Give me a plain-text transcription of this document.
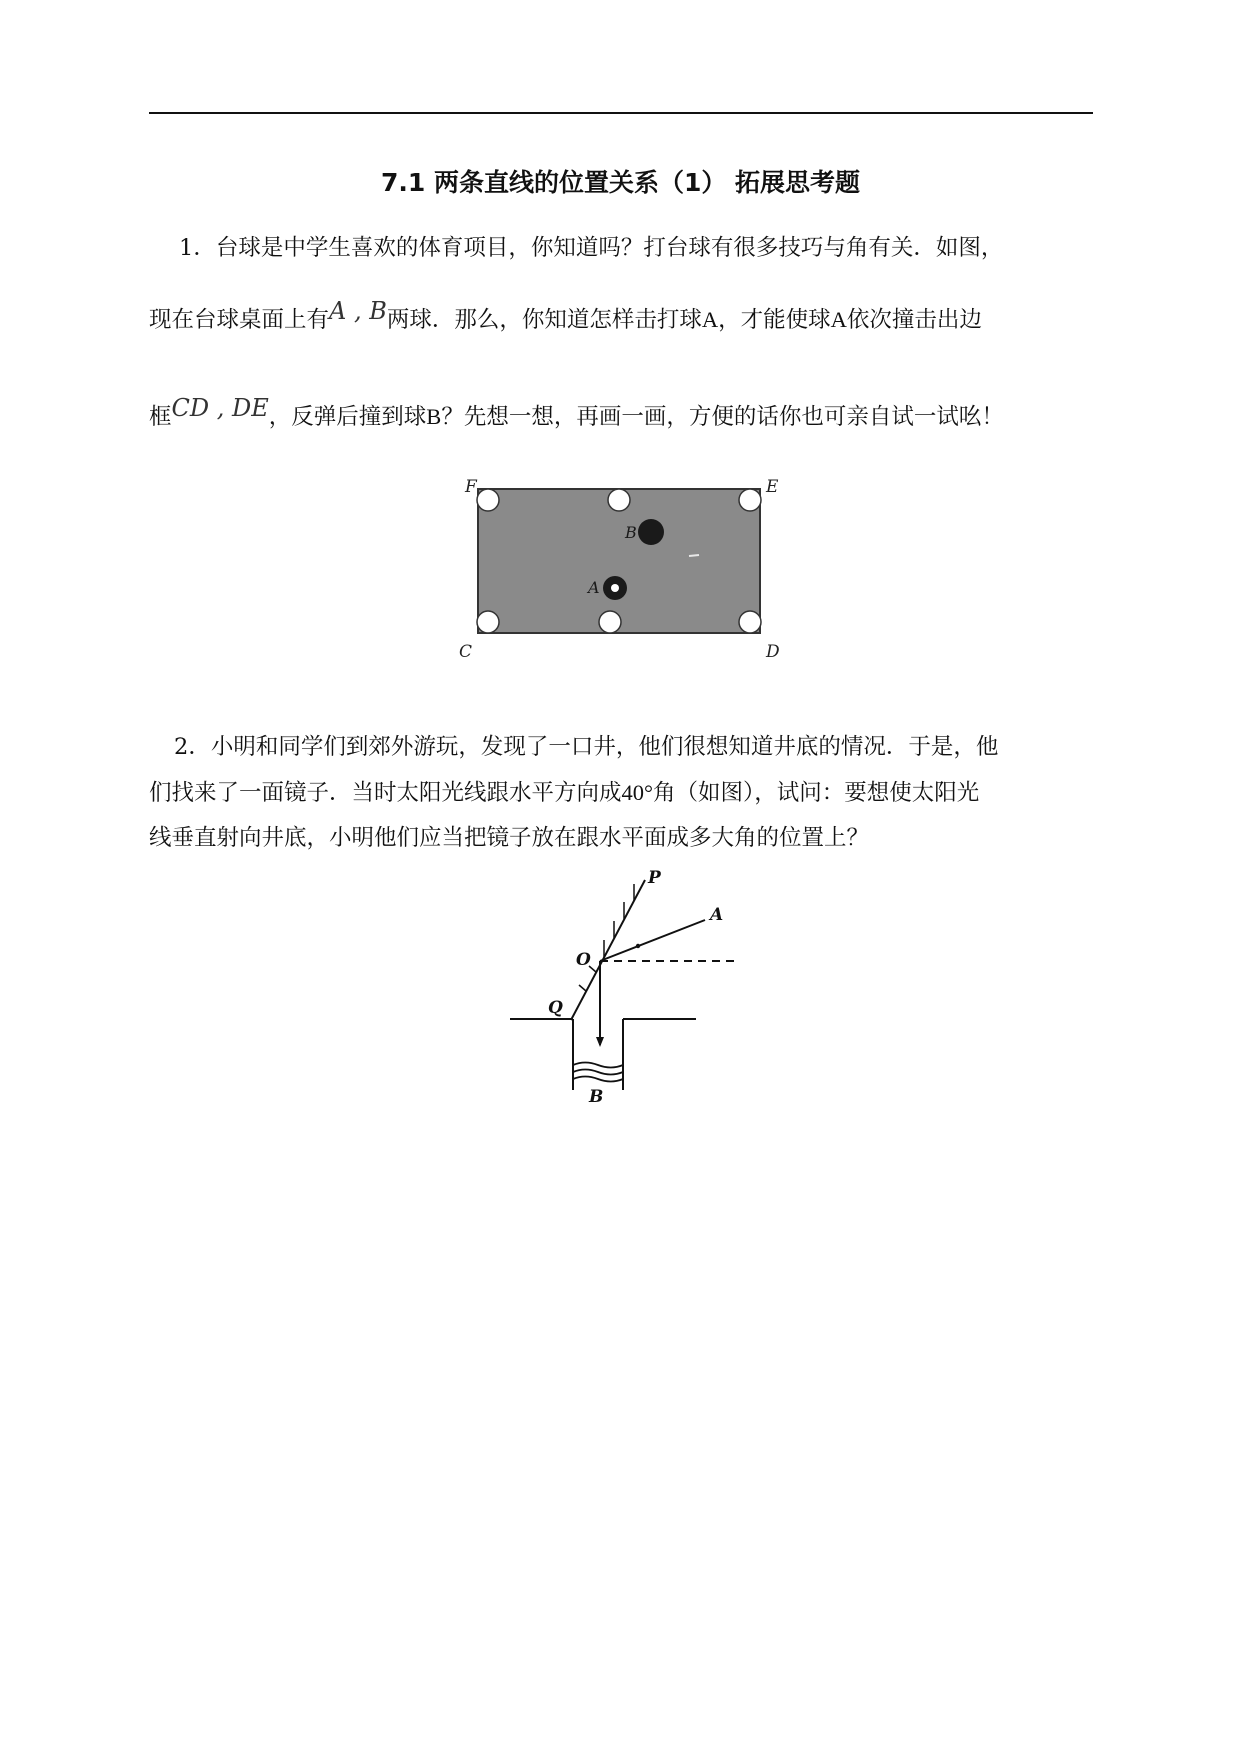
7.1 两条直线的位置关系（1） 拓展思考题
1．台球是中学生喜欢的体育项目，你知道吗？打台球有很多技巧与角有关．如图，
现在台球桌面上有A , B两球．那么，你知道怎样击打球A，才能使球A依次撞击出边
框CD , DE，反弹后撞到球B？先想一想，再画一画，方便的话你也可亲自试一试吆！
F	E
C	D
B
A
2．小明和同学们到郊外游玩，发现了一口井，他们很想知道井底的情况．于是，他
们找来了一面镜子．当时太阳光线跟水平方向成40°角（如图），试问：要想使太阳光
线垂直射向井底，小明他们应当把镜子放在跟水平面成多大角的位置上？
P
A
O
Q
B
